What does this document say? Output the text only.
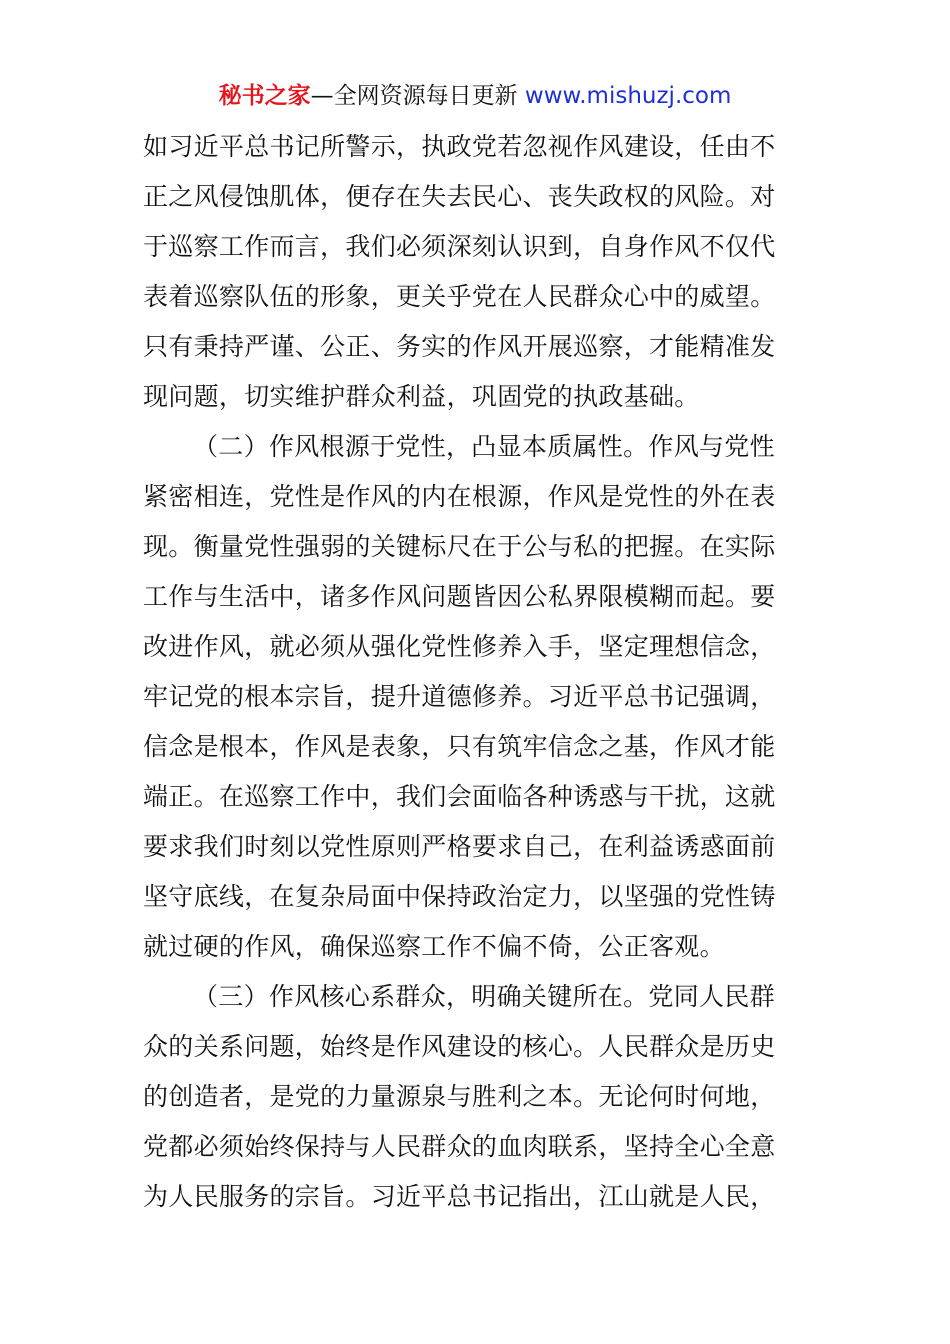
秘书之家—全网资源每日更新 www.mishuzj.com
如习近平总书记所警示，执政党若忽视作风建设，任由不
正之风侵蚀肌体，便存在失去民心、丧失政权的风险。对
于巡察工作而言，我们必须深刻认识到，自身作风不仅代
表着巡察队伍的形象，更关乎党在人民群众心中的威望。
只有秉持严谨、公正、务实的作风开展巡察，才能精准发
现问题，切实维护群众利益，巩固党的执政基础。
（二）作风根源于党性，凸显本质属性。作风与党性
紧密相连，党性是作风的内在根源，作风是党性的外在表
现。衡量党性强弱的关键标尺在于公与私的把握。在实际
工作与生活中，诸多作风问题皆因公私界限模糊而起。要
改进作风，就必须从强化党性修养入手，坚定理想信念，
牢记党的根本宗旨，提升道德修养。习近平总书记强调，
信念是根本，作风是表象，只有筑牢信念之基，作风才能
端正。在巡察工作中，我们会面临各种诱惑与干扰，这就
要求我们时刻以党性原则严格要求自己，在利益诱惑面前
坚守底线，在复杂局面中保持政治定力，以坚强的党性铸
就过硬的作风，确保巡察工作不偏不倚，公正客观。
（三）作风核心系群众，明确关键所在。党同人民群
众的关系问题，始终是作风建设的核心。人民群众是历史
的创造者，是党的力量源泉与胜利之本。无论何时何地，
党都必须始终保持与人民群众的血肉联系，坚持全心全意
为人民服务的宗旨。习近平总书记指出，江山就是人民，
